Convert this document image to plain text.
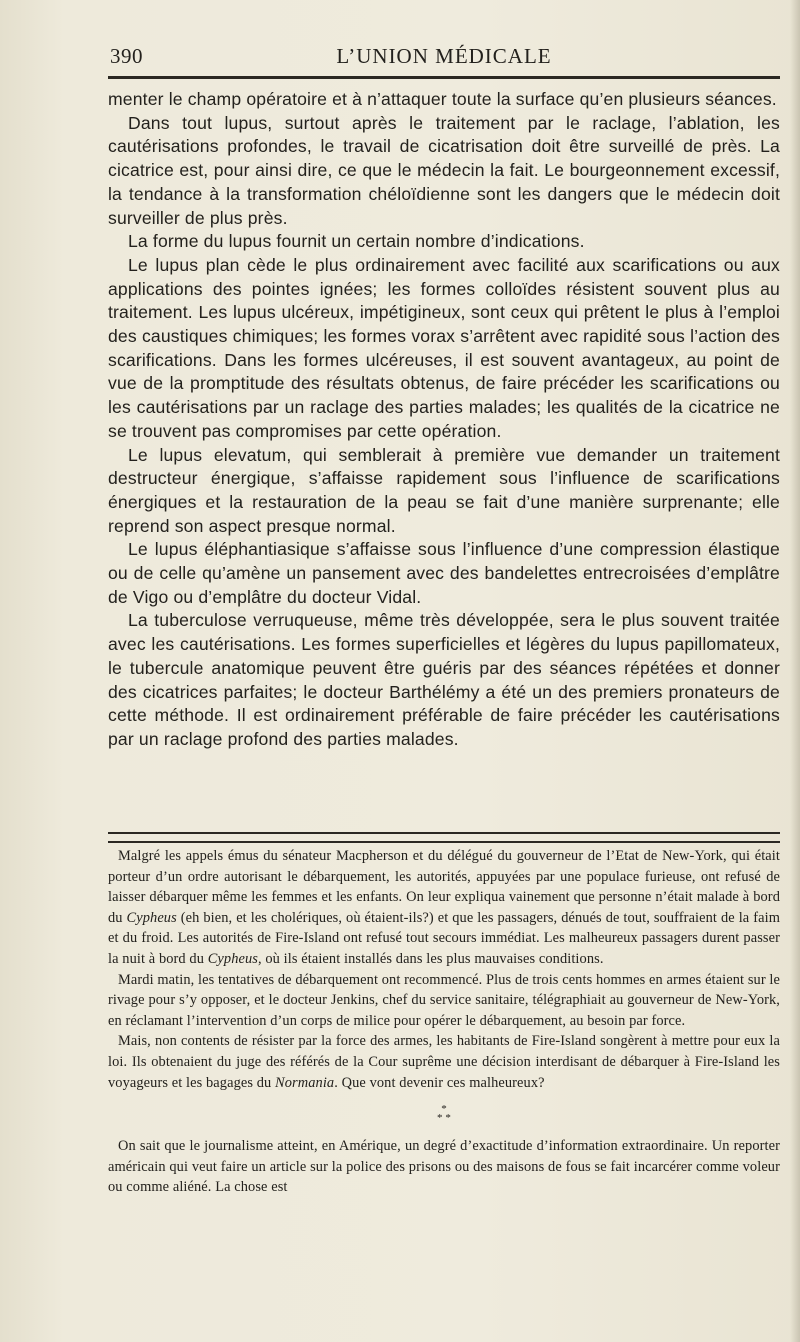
390	L’UNION MÉDICALE

menter le champ opératoire et à n’attaquer toute la surface qu’en plusieurs séances.

Dans tout lupus, surtout après le traitement par le raclage, l’ablation, les cautérisations profondes, le travail de cicatrisation doit être surveillé de près. La cicatrice est, pour ainsi dire, ce que le médecin la fait. Le bourgeonnement excessif, la tendance à la transformation chéloïdienne sont les dangers que le médecin doit surveiller de plus près.

La forme du lupus fournit un certain nombre d’indications.

Le lupus plan cède le plus ordinairement avec facilité aux scarifications ou aux applications des pointes ignées; les formes colloïdes résistent souvent plus au traitement. Les lupus ulcéreux, impétigineux, sont ceux qui prêtent le plus à l’emploi des caustiques chimiques; les formes vorax s’arrêtent avec rapidité sous l’action des scarifications. Dans les formes ulcéreuses, il est souvent avantageux, au point de vue de la promptitude des résultats obtenus, de faire précéder les scarifications ou les cautérisations par un raclage des parties malades; les qualités de la cicatrice ne se trouvent pas compromises par cette opération.

Le lupus elevatum, qui semblerait à première vue demander un traitement destructeur énergique, s’affaisse rapidement sous l’influence de scarifications énergiques et la restauration de la peau se fait d’une manière surprenante; elle reprend son aspect presque normal.

Le lupus éléphantiasique s’affaisse sous l’influence d’une compression élastique ou de celle qu’amène un pansement avec des bandelettes entrecroisées d’emplâtre de Vigo ou d’emplâtre du docteur Vidal.

La tuberculose verruqueuse, même très développée, sera le plus souvent traitée avec les cautérisations. Les formes superficielles et légères du lupus papillomateux, le tubercule anatomique peuvent être guéris par des séances répétées et donner des cicatrices parfaites; le docteur Barthélémy a été un des premiers pronateurs de cette méthode. Il est ordinairement préférable de faire précéder les cautérisations par un raclage profond des parties malades.

Malgré les appels émus du sénateur Macpherson et du délégué du gouverneur de l’Etat de New-York, qui était porteur d’un ordre autorisant le débarquement, les autorités, appuyées par une populace furieuse, ont refusé de laisser débarquer même les femmes et les enfants. On leur expliqua vainement que personne n’était malade à bord du Cypheus (eh bien, et les cholériques, où étaient-ils?) et que les passagers, dénués de tout, souffraient de la faim et du froid. Les autorités de Fire-Island ont refusé tout secours immédiat. Les malheureux passagers durent passer la nuit à bord du Cypheus, où ils étaient installés dans les plus mauvaises conditions.

Mardi matin, les tentatives de débarquement ont recommencé. Plus de trois cents hommes en armes étaient sur le rivage pour s’y opposer, et le docteur Jenkins, chef du service sanitaire, télégraphiait au gouverneur de New-York, en réclamant l’intervention d’un corps de milice pour opérer le débarquement, au besoin par force.

Mais, non contents de résister par la force des armes, les habitants de Fire-Island songèrent à mettre pour eux la loi. Ils obtenaient du juge des référés de la Cour suprême une décision interdisant de débarquer à Fire-Island les voyageurs et les bagages du Normania. Que vont devenir ces malheureux?

*
* *

On sait que le journalisme atteint, en Amérique, un degré d’exactitude d’information extraordinaire. Un reporter américain qui veut faire un article sur la police des prisons ou des maisons de fous se fait incarcérer comme voleur ou comme aliéné. La chose est
